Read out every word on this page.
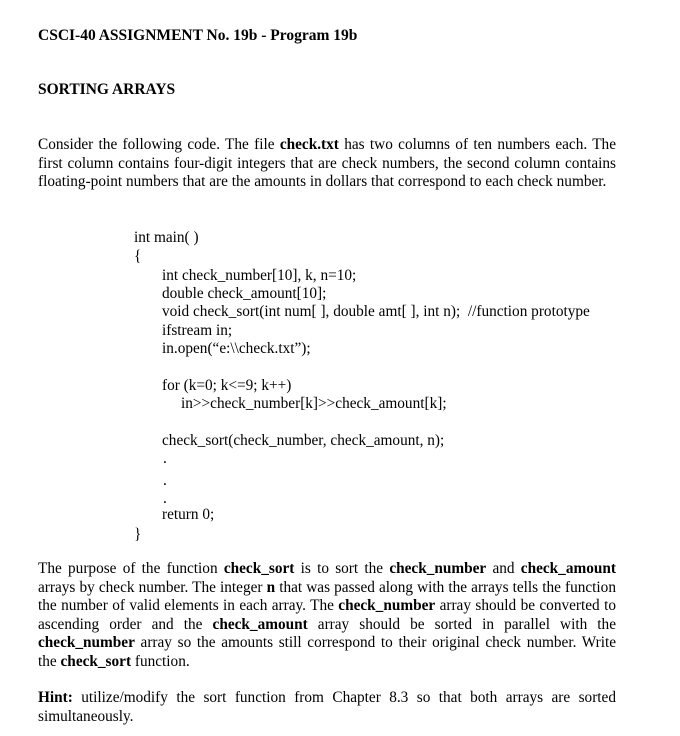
CSCI-40 ASSIGNMENT No. 19b - Program 19b
SORTING ARRAYS

Consider the following code. The file check.txt has two columns of ten numbers each. The first column contains four-digit integers that are check numbers, the second column contains floating-point numbers that are the amounts in dollars that correspond to each check number.

int main( )
{
int check_number[10], k, n=10;
double check_amount[10];
void check_sort(int num[ ], double amt[ ], int n);  //function prototype
ifstream in;
in.open(“e:\\check.txt”);
for (k=0; k<=9; k++)
in>>check_number[k]>>check_amount[k];
check_sort(check_number, check_amount, n);
.
.
.
return 0;
}

The purpose of the function check_sort is to sort the check_number and check_amount arrays by check number. The integer n that was passed along with the arrays tells the function the number of valid elements in each array. The check_number array should be converted to ascending order and the check_amount array should be sorted in parallel with the check_number array so the amounts still correspond to their original check number. Write the check_sort function.

Hint: utilize/modify the sort function from Chapter 8.3 so that both arrays are sorted simultaneously.
